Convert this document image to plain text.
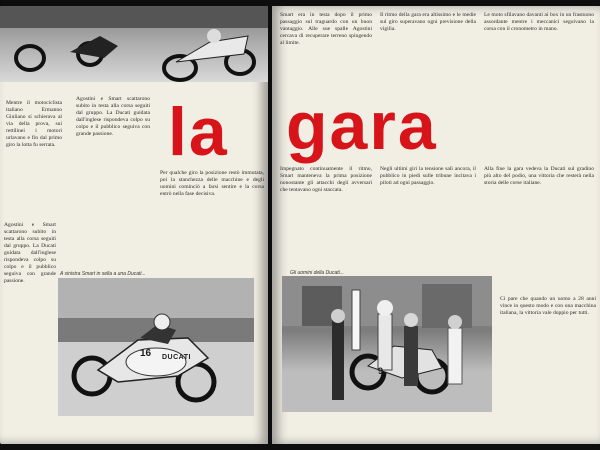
la
Mentre il motociclista italiano Ermanno Giuliano si schierava al via della prova, sui rettilinei i motori urlavano e fin dal primo giro la lotta fu serrata.
Agostini e Smart scattarono subito in testa alla corsa seguiti dal gruppo. La Ducati guidata dall'inglese rispondeva colpo su colpo e il pubblico seguiva con grande passione.
Per qualche giro la posizione restò immutata, poi la stanchezza delle macchine e degli uomini cominciò a farsi sentire e la corsa entrò nella fase decisiva.
Agostini e Smart scattarono subito in testa alla corsa seguiti dal gruppo. La Ducati guidata dall'inglese rispondeva colpo su colpo e il pubblico seguiva con grande passione.
A sinistra Smart in sella a una Ducati...
DUCATI
16
Smart era in testa dopo il primo passaggio sul traguardo con un buon vantaggio. Alle sue spalle Agostini cercava di recuperare terreno spingendo al limite.
Il ritmo della gara era altissimo e le medie sul giro superavano ogni previsione della vigilia.
Le moto sfilavano davanti ai box in un frastuono assordante mentre i meccanici seguivano la corsa con il cronometro in mano.
Impegnato continuamente il ritmo, Smart manteneva la prima posizione nonostante gli attacchi degli avversari che tentavano ogni staccata.
Negli ultimi giri la tensione salì ancora, il pubblico in piedi sulle tribune incitava i piloti ad ogni passaggio.
Alla fine la gara vedeva la Ducati sul gradino più alto del podio, una vittoria che resterà nella storia delle corse italiane.
Ci pare che quando un uomo a 28 anni vince in questo modo e con una macchina italiana, la vittoria vale doppio per tutti.
gara
9
Gli uomini della Ducati...
